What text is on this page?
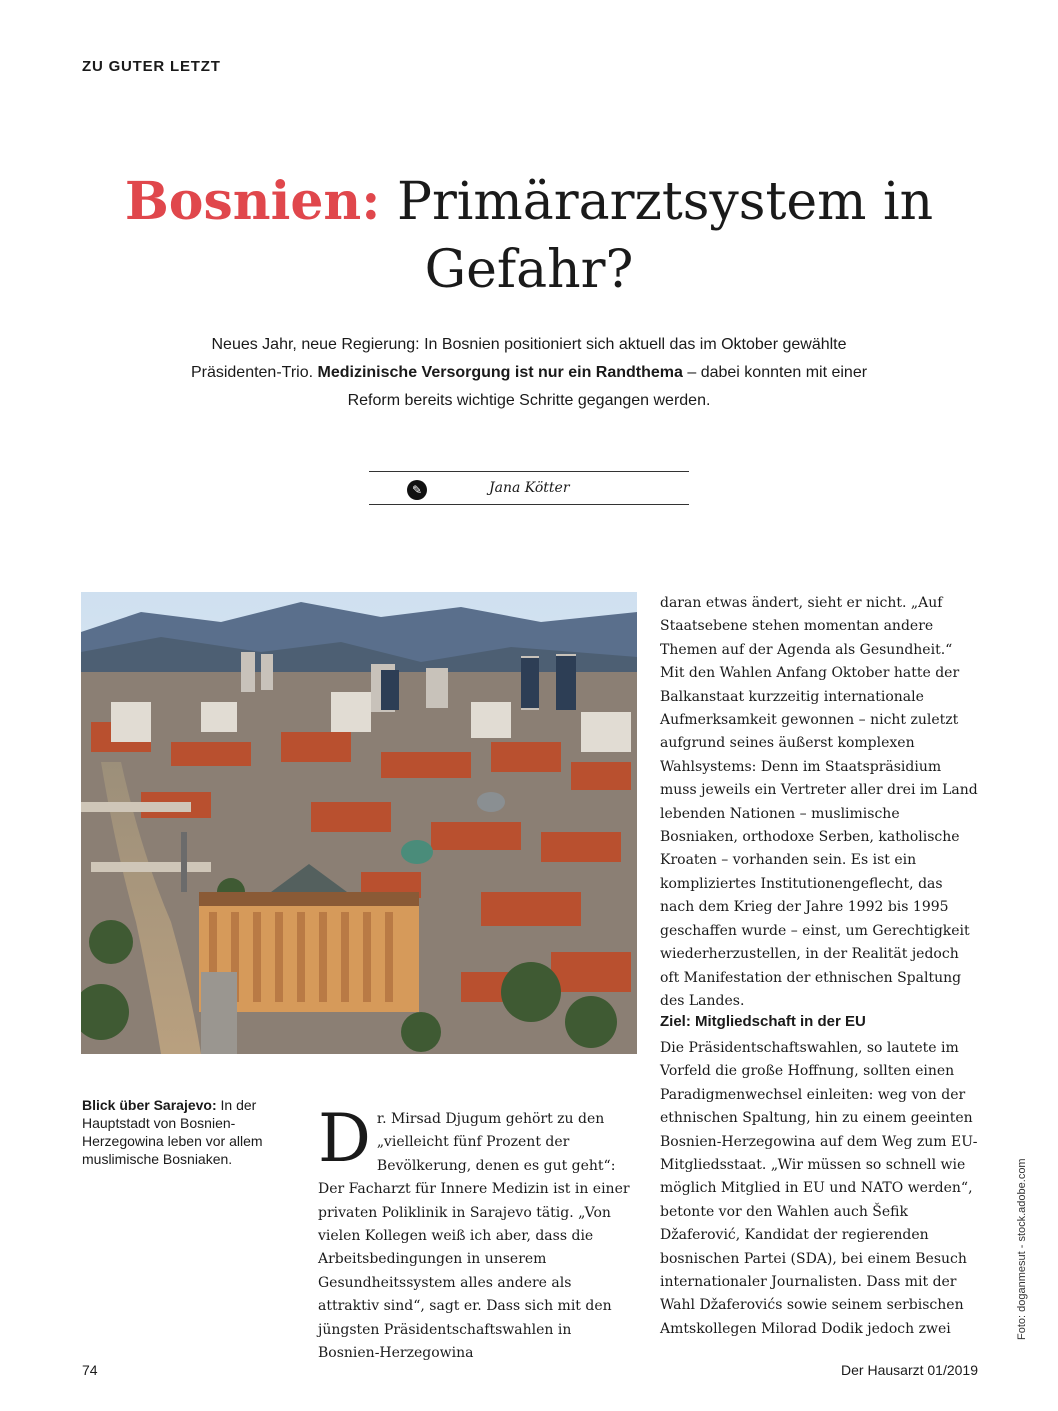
ZU GUTER LETZT
Bosnien: Primärarztsystem in Gefahr?
Neues Jahr, neue Regierung: In Bosnien positioniert sich aktuell das im Oktober gewählte Präsidenten-Trio. Medizinische Versorgung ist nur ein Randthema – dabei konnten mit einer Reform bereits wichtige Schritte gegangen werden.
✎	Jana Kötter
Blick über Sarajevo: In der Hauptstadt von Bosnien-Herzegowina leben vor allem muslimische Bosniaken.	Dr. Mirsad Djugum gehört zu den „vielleicht fünf Prozent der Bevölkerung, denen es gut geht“: Der Facharzt für Innere Medizin ist in einer privaten Poliklinik in Sarajevo tätig. „Von vielen Kollegen weiß ich aber, dass die Arbeitsbedingungen in unserem Gesundheitssystem alles andere als attraktiv sind“, sagt er. Dass sich mit den jüngsten Präsidentschaftswahlen in Bosnien-Herzegowina
daran etwas ändert, sieht er nicht. „Auf Staatsebene stehen momentan andere Themen auf der Agenda als Gesundheit.“ Mit den Wahlen Anfang Oktober hatte der Balkanstaat kurzzeitig internationale Aufmerksamkeit gewonnen – nicht zuletzt aufgrund seines äußerst komplexen Wahlsystems: Denn im Staatspräsidium muss jeweils ein Vertreter aller drei im Land lebenden Nationen – muslimische Bosniaken, orthodoxe Serben, katholische Kroaten – vorhanden sein. Es ist ein kompliziertes Institutionengeflecht, das nach dem Krieg der Jahre 1992 bis 1995 geschaffen wurde – einst, um Gerechtigkeit wiederherzustellen, in der Realität jedoch oft Manifestation der ethnischen Spaltung des Landes.
Ziel: Mitgliedschaft in der EU
Die Präsidentschaftswahlen, so lautete im Vorfeld die große Hoffnung, sollten einen Paradigmenwechsel einleiten: weg von der ethnischen Spaltung, hin zu einem geeinten Bosnien-Herzegowina auf dem Weg zum EU-Mitgliedsstaat. „Wir müssen so schnell wie möglich Mitglied in EU und NATO werden“, betonte vor den Wahlen auch Šefik Džaferović, Kandidat der regierenden bosnischen Partei (SDA), bei einem Besuch internationaler Journalisten. Dass mit der Wahl Džaferovićs sowie seinem serbischen Amtskollegen Milorad Dodik jedoch zwei	Foto: doganmesut - stock.adobe.com
74	Der Hausarzt 01/2019
